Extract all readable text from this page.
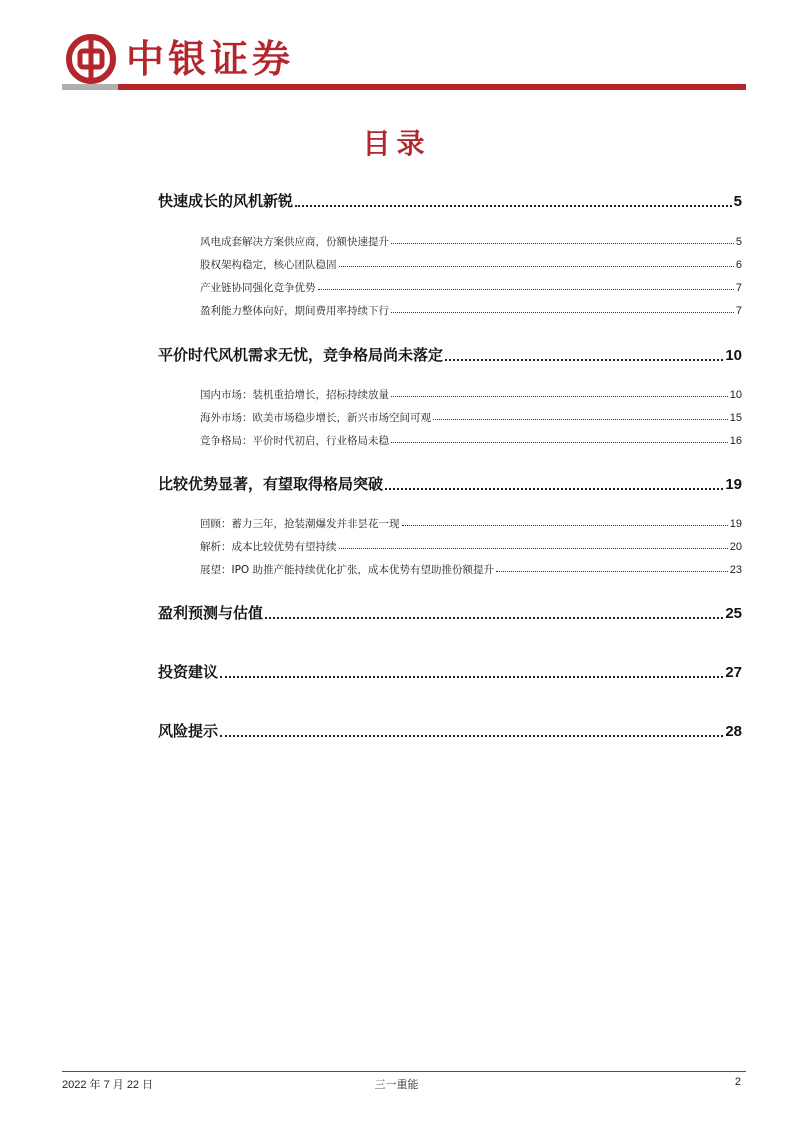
中银证券
目录
快速成长的风机新锐	5
风电成套解决方案供应商，份额快速提升	5
股权架构稳定，核心团队稳固	6
产业链协同强化竞争优势	7
盈利能力整体向好，期间费用率持续下行	7
平价时代风机需求无忧，竞争格局尚未落定	10
国内市场：装机重拾增长，招标持续放量	10
海外市场：欧美市场稳步增长，新兴市场空间可观	15
竞争格局：平价时代初启，行业格局未稳	16
比较优势显著，有望取得格局突破	19
回顾：蓄力三年，抢装潮爆发并非昙花一现	19
解析：成本比较优势有望持续	20
展望：IPO 助推产能持续优化扩张，成本优势有望助推份额提升	23
盈利预测与估值	25
投资建议	27
风险提示	28
2022 年 7 月 22 日	三一重能	2
